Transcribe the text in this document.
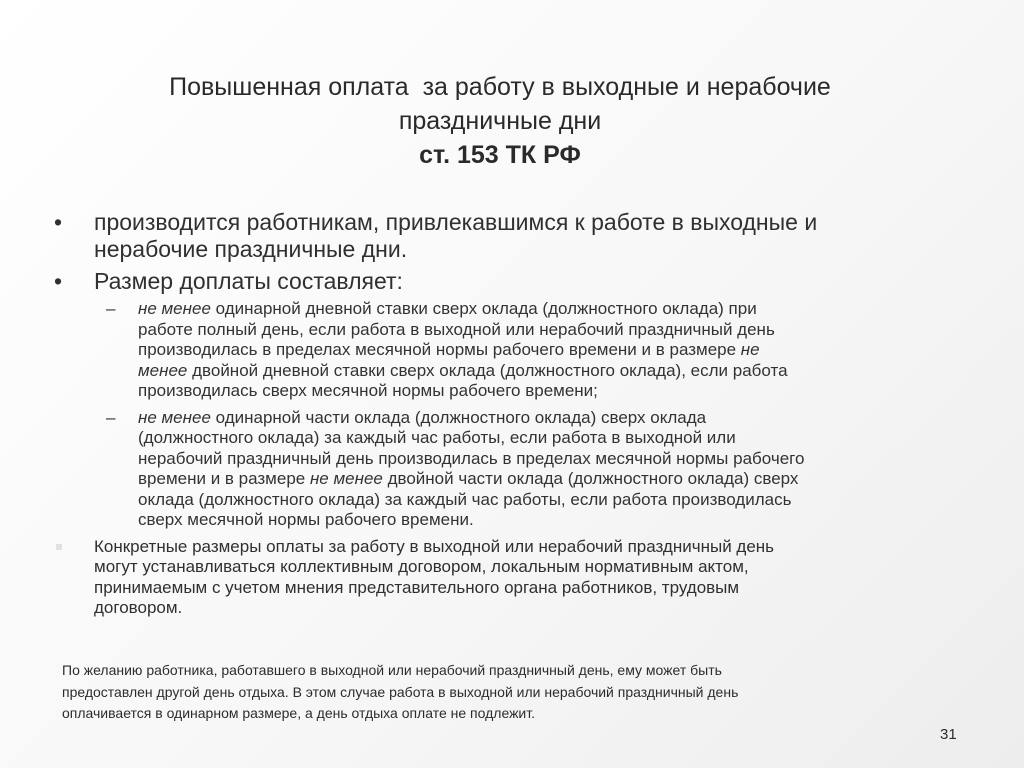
Повышенная оплата  за работу в выходные и нерабочие
праздничные дни
ст. 153 ТК РФ
• производится работникам, привлекавшимся к работе в выходные и
нерабочие праздничные дни.
• Размер доплаты составляет:
– не менее одинарной дневной ставки сверх оклада (должностного оклада) при
работе полный день, если работа в выходной или нерабочий праздничный день
производилась в пределах месячной нормы рабочего времени и в размере не
менее двойной дневной ставки сверх оклада (должностного оклада), если работа
производилась сверх месячной нормы рабочего времени;
– не менее одинарной части оклада (должностного оклада) сверх оклада
(должностного оклада) за каждый час работы, если работа в выходной или
нерабочий праздничный день производилась в пределах месячной нормы рабочего
времени и в размере не менее двойной части оклада (должностного оклада) сверх
оклада (должностного оклада) за каждый час работы, если работа производилась
сверх месячной нормы рабочего времени.
Конкретные размеры оплаты за работу в выходной или нерабочий праздничный день
могут устанавливаться коллективным договором, локальным нормативным актом,
принимаемым с учетом мнения представительного органа работников, трудовым
договором.
По желанию работника, работавшего в выходной или нерабочий праздничный день, ему может быть
предоставлен другой день отдыха. В этом случае работа в выходной или нерабочий праздничный день
оплачивается в одинарном размере, а день отдыха оплате не подлежит.
31
